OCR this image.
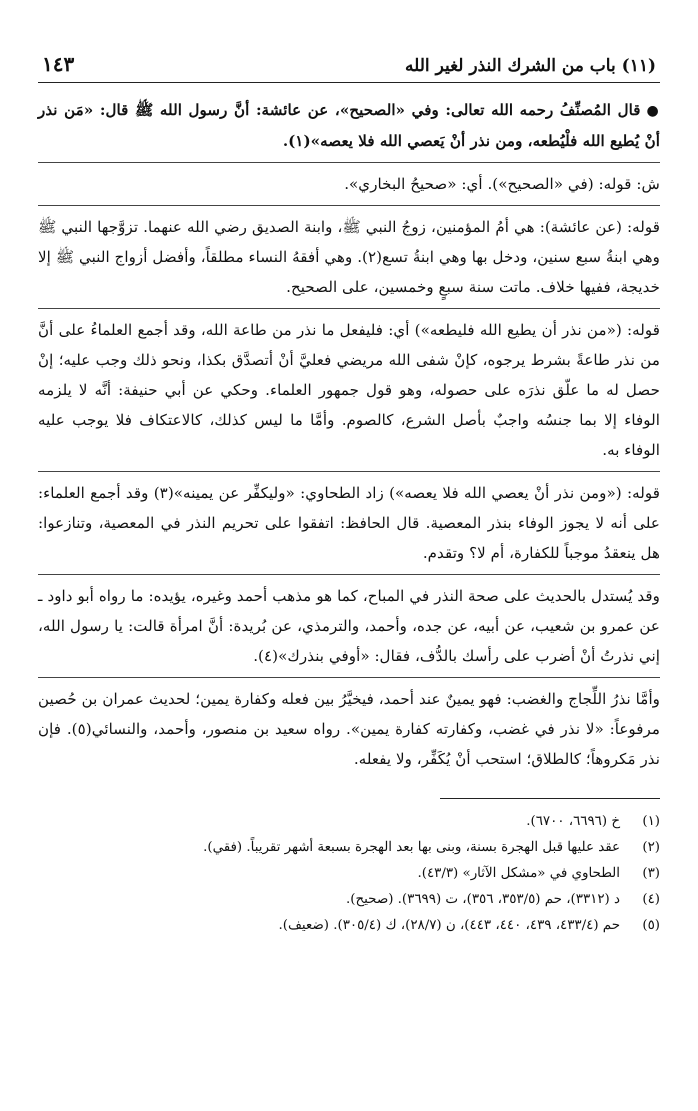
(١١) باب من الشرك النذر لغير الله
١٤٣

●قال المُصنِّفُ رحمه الله تعالى: وفي «الصحيح»، عن عائشة: أنَّ رسول الله ﷺ قال: «مَن نذر أنْ يُطيع الله فلْيُطعه، ومن نذر أنْ يَعصي الله فلا يعصه»(١).

ش: قوله: (في «الصحيح»). أي: «صحيحُ البخاري».

قوله: (عن عائشة): هي أمُ المؤمنين، زوجُ النبي ﷺ، وابنة الصديق رضي الله عنهما. تزوَّجها النبي ﷺ وهي ابنةُ سبع سنين، ودخل بها وهي ابنةُ تسع(٢). وهي أفقهُ النساء مطلقاً، وأفضل أزواج النبي ﷺ إلا خديجة، ففيها خلاف. ماتت سنة سبعٍ وخمسين، على الصحيح.

قوله: («من نذر أن يطيع الله فليطعه») أي: فليفعل ما نذر من طاعة الله، وقد أجمع العلماءُ على أنَّ من نذر طاعةً بشرط يرجوه، كإنْ شفى الله مريضي فعليَّ أنْ أتصدَّق بكذا، ونحو ذلك وجب عليه؛ إنْ حصل له ما علّق نذرَه على حصوله، وهو قول جمهور العلماء. وحكي عن أبي حنيفة: أنَّه لا يلزمه الوفاء إلا بما جنسُه واجبٌ بأصل الشرع، كالصوم. وأمَّا ما ليس كذلك، كالاعتكاف فلا يوجب عليه الوفاء به.

قوله: («ومن نذر أنْ يعصي الله فلا يعصه») زاد الطحاوي: «وليكفِّر عن يمينه»(٣) وقد أجمع العلماء: على أنه لا يجوز الوفاء بنذر المعصية. قال الحافظ: اتفقوا على تحريم النذر في المعصية، وتنازعوا: هل ينعقدُ موجباً للكفارة، أم لا؟ وتقدم.

وقد يُستدل بالحديث على صحة النذر في المباح، كما هو مذهب أحمد وغيره، يؤيده: ما رواه أبو داود ـ عن عمرو بن شعيب، عن أبيه، عن جده، وأحمد، والترمذي، عن بُريدة: أنَّ امرأة قالت: يا رسول الله، إني نذرتُ أنْ أضرب على رأسك بالدُّف، فقال: «أوفي بنذرك»(٤).

وأمَّا نذرُ اللِّجاج والغضب: فهو يمينٌ عند أحمد، فيخيَّرُ بين فعله وكفارة يمين؛ لحديث عمران بن حُصين مرفوعاً: «لا نذر في غضب، وكفارته كفارة يمين». رواه سعيد بن منصور، وأحمد، والنسائي(٥). فإن نذر مَكروهاً؛ كالطلاق؛ استحب أنْ يُكَفِّر، ولا يفعله.

(١)
خ (٦٦٩٦، ٦٧٠٠).
(٢)
عقد عليها قبل الهجرة بسنة، وبنى بها بعد الهجرة بسبعة أشهر تقريباً. (فقي).
(٣)
الطحاوي في «مشكل الآثار» (٤٣/٣).
(٤)
د (٣٣١٢)، حم (٣٥٣/٥، ٣٥٦)، ت (٣٦٩٩). (صحيح).
(٥)
حم (٤٣٣/٤، ٤٣٩، ٤٤٠، ٤٤٣)، ن (٢٨/٧)، ك (٣٠٥/٤). (ضعيف).
